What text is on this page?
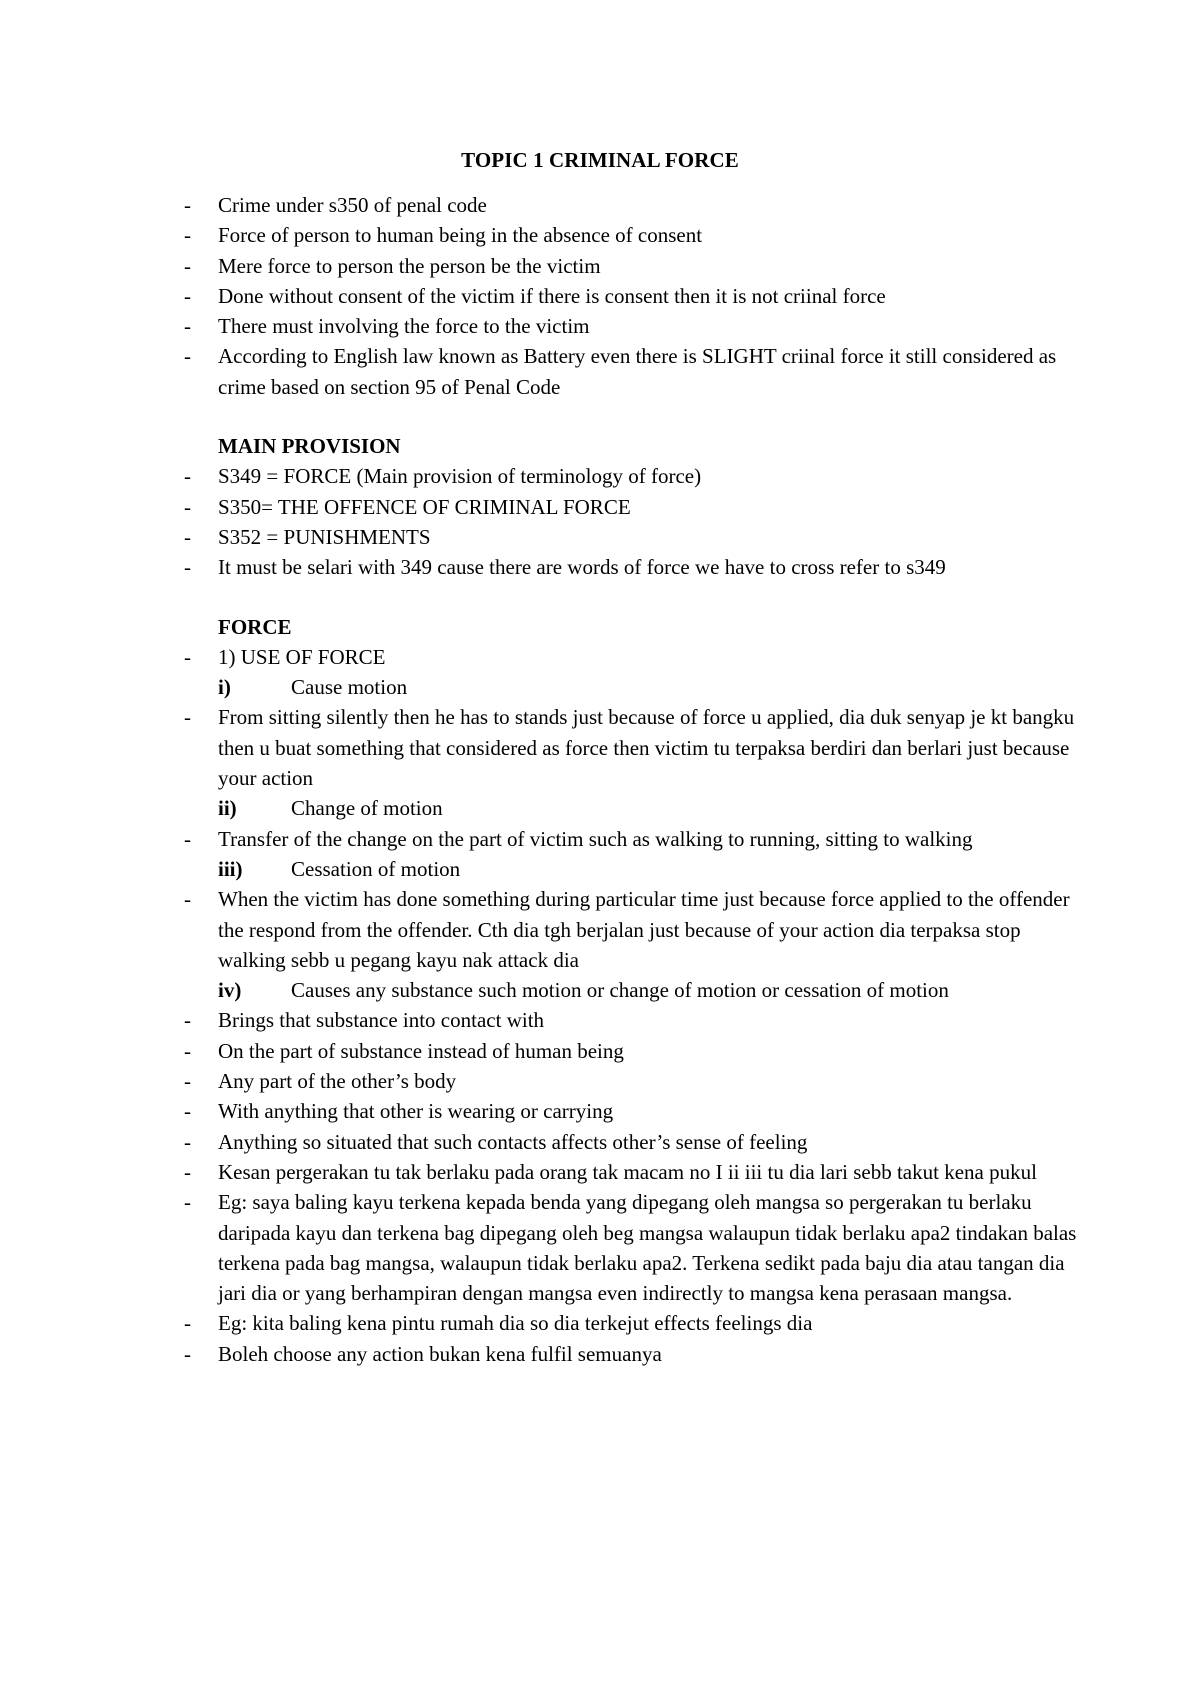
TOPIC 1 CRIMINAL FORCE
- Crime under s350 of penal code
- Force of person to human being in the absence of consent
- Mere force to person the person be the victim
- Done without consent of the victim if there is consent then it is not criinal force
- There must involving the force to the victim
- According to English law known as Battery even there is SLIGHT criinal force it still considered as crime based on section 95 of Penal Code
MAIN PROVISION
- S349 = FORCE (Main provision of terminology of force)
- S350= THE OFFENCE OF CRIMINAL FORCE
- S352 = PUNISHMENTS
- It must be selari with 349 cause there are words of force we have to cross refer to s349
FORCE
- 1) USE OF FORCE
i)	Cause motion
- From sitting silently then he has to stands just because of force u applied, dia duk senyap je kt bangku then u buat something that considered as force then victim tu terpaksa berdiri dan berlari just because your action
ii)	Change of motion
- Transfer of the change on the part of victim such as walking to running, sitting to walking
iii) Cessation of motion
- When the victim has done something during particular time just because force applied to the offender the respond from the offender. Cth dia tgh berjalan just because of your action dia terpaksa stop walking sebb u pegang kayu nak attack dia
iv) Causes any substance such motion or change of motion or cessation of motion
- Brings that substance into contact with
- On the part of substance instead of human being
- Any part of the other’s body
- With anything that other is wearing or carrying
- Anything so situated that such contacts affects other’s sense of feeling
- Kesan pergerakan tu tak berlaku pada orang tak macam no I ii iii tu dia lari sebb takut kena pukul
- Eg: saya baling kayu terkena kepada benda yang dipegang oleh mangsa so pergerakan tu berlaku daripada kayu dan terkena bag dipegang oleh beg mangsa walaupun tidak berlaku apa2 tindakan balas terkena pada bag mangsa, walaupun tidak berlaku apa2. Terkena sedikt pada baju dia atau tangan dia jari dia or yang berhampiran dengan mangsa even indirectly to mangsa kena perasaan mangsa.
- Eg: kita baling kena pintu rumah dia so dia terkejut effects feelings dia
- Boleh choose any action bukan kena fulfil semuanya
